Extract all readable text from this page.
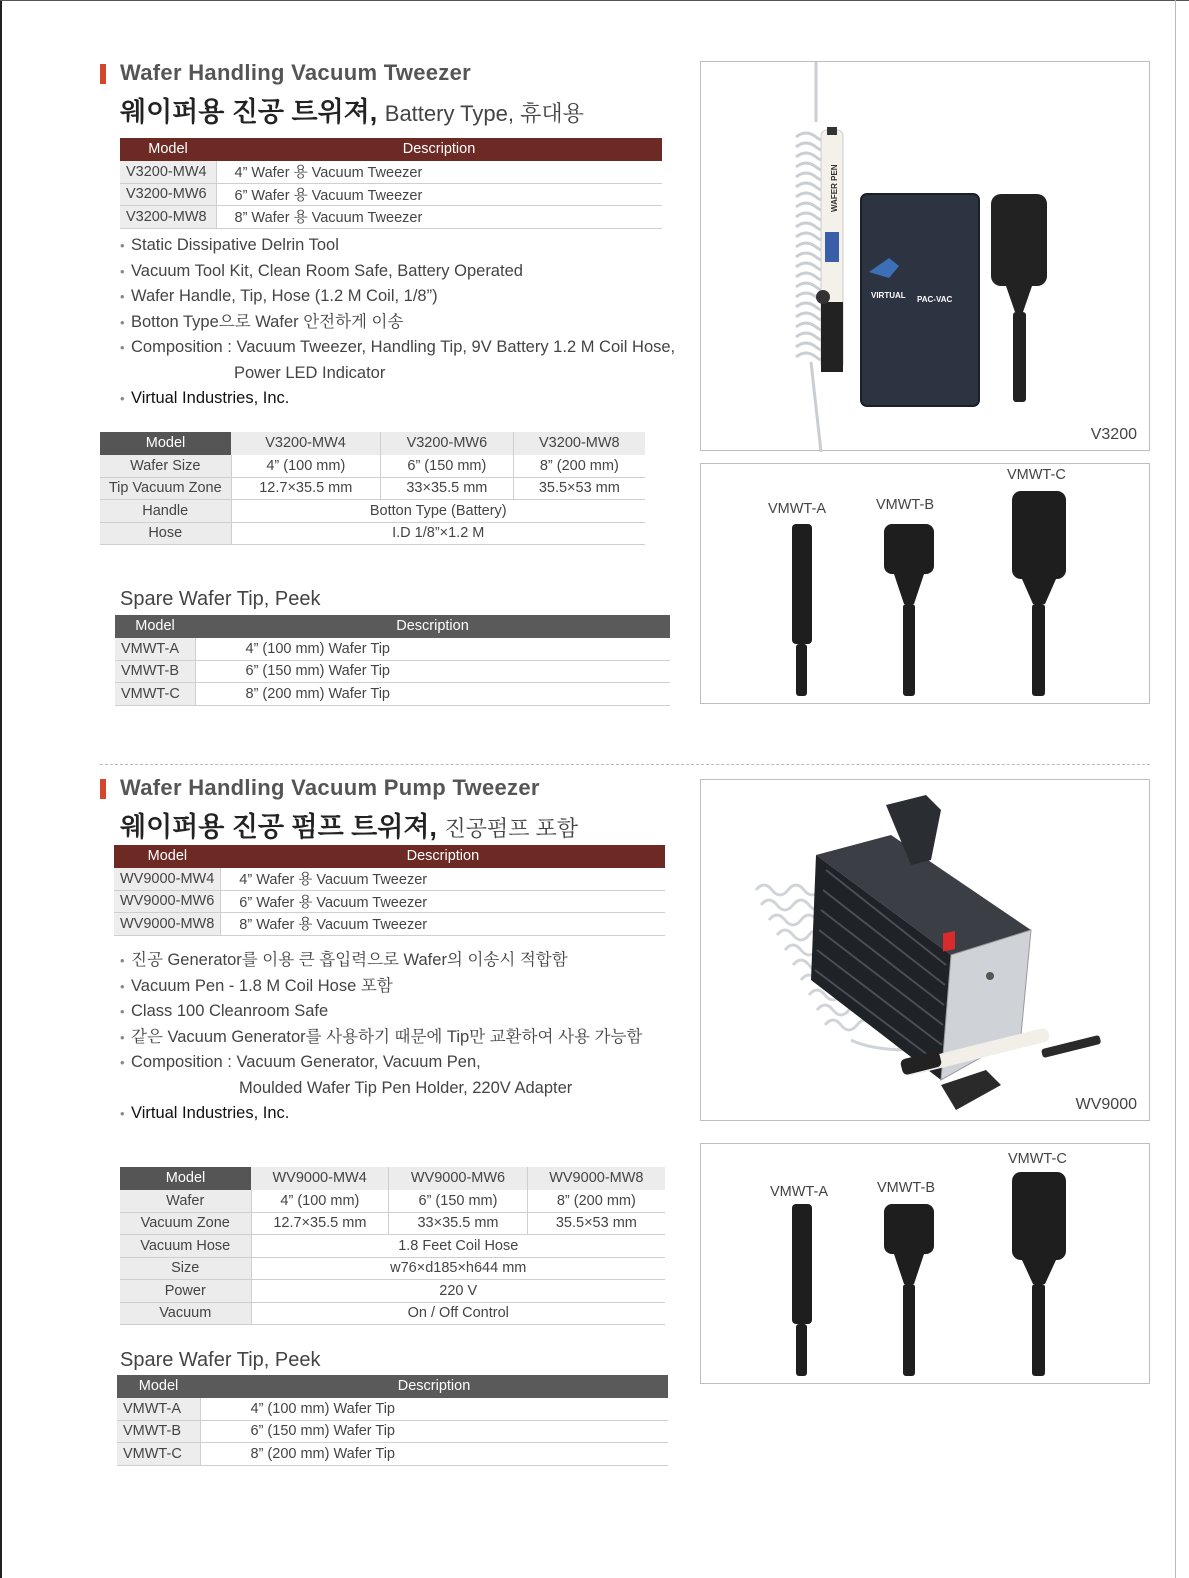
Wafer Handling Vacuum Tweezer
웨이퍼용 진공 트위져, Battery Type, 휴대용
Model	Description
V3200-MW4	4” Wafer 용 Vacuum Tweezer
V3200-MW6	6” Wafer 용 Vacuum Tweezer
V3200-MW8	8” Wafer 용 Vacuum Tweezer
• Static Dissipative Delrin Tool
• Vacuum Tool Kit, Clean Room Safe, Battery Operated
• Wafer Handle, Tip, Hose (1.2 M Coil, 1/8”)
• Botton Type으로 Wafer 안전하게 이송
• Composition : Vacuum Tweezer, Handling Tip, 9V Battery 1.2 M Coil Hose,
Power LED Indicator
• Virtual Industries, Inc.
Model	V3200-MW4	V3200-MW6	V3200-MW8
Wafer Size	4” (100 mm)	6” (150 mm)	8” (200 mm)
Tip Vacuum Zone	12.7×35.5 mm	33×35.5 mm	35.5×53 mm
Handle	Botton Type (Battery)		
Hose	I.D 1/8”×1.2 M		
Spare Wafer Tip, Peek
Model	Description
VMWT-A	4” (100 mm) Wafer Tip
VMWT-B	6” (150 mm) Wafer Tip
VMWT-C	8” (200 mm) Wafer Tip
WAFER PEN
VIRTUAL PAC-VAC
V3200
VMWT-A	VMWT-B
VMWT-C
Wafer Handling Vacuum Pump Tweezer
웨이퍼용 진공 펌프 트위져, 진공펌프 포함
Model	Description
WV9000-MW4	4” Wafer 용 Vacuum Tweezer
WV9000-MW6	6” Wafer 용 Vacuum Tweezer
WV9000-MW8	8” Wafer 용 Vacuum Tweezer
• 진공 Generator를 이용 큰 흡입력으로 Wafer의 이송시 적합함
• Vacuum Pen - 1.8 M Coil Hose 포함
• Class 100 Cleanroom Safe
• 같은 Vacuum Generator를 사용하기 때문에 Tip만 교환하여 사용 가능함
• Composition : Vacuum Generator, Vacuum Pen,
Moulded Wafer Tip Pen Holder, 220V Adapter
• Virtual Industries, Inc.
Model	WV9000-MW4	WV9000-MW6	WV9000-MW8
Wafer	4” (100 mm)	6” (150 mm)	8” (200 mm)
Vacuum Zone	12.7×35.5 mm	33×35.5 mm	35.5×53 mm
Vacuum Hose	1.8 Feet Coil Hose		
Size	w76×d185×h644 mm		
Power	220 V		
Vacuum	On / Off Control		
Spare Wafer Tip, Peek
Model	Description
VMWT-A	4” (100 mm) Wafer Tip
VMWT-B	6” (150 mm) Wafer Tip
VMWT-C	8” (200 mm) Wafer Tip
WV9000
VMWT-A	VMWT-B
VMWT-C
